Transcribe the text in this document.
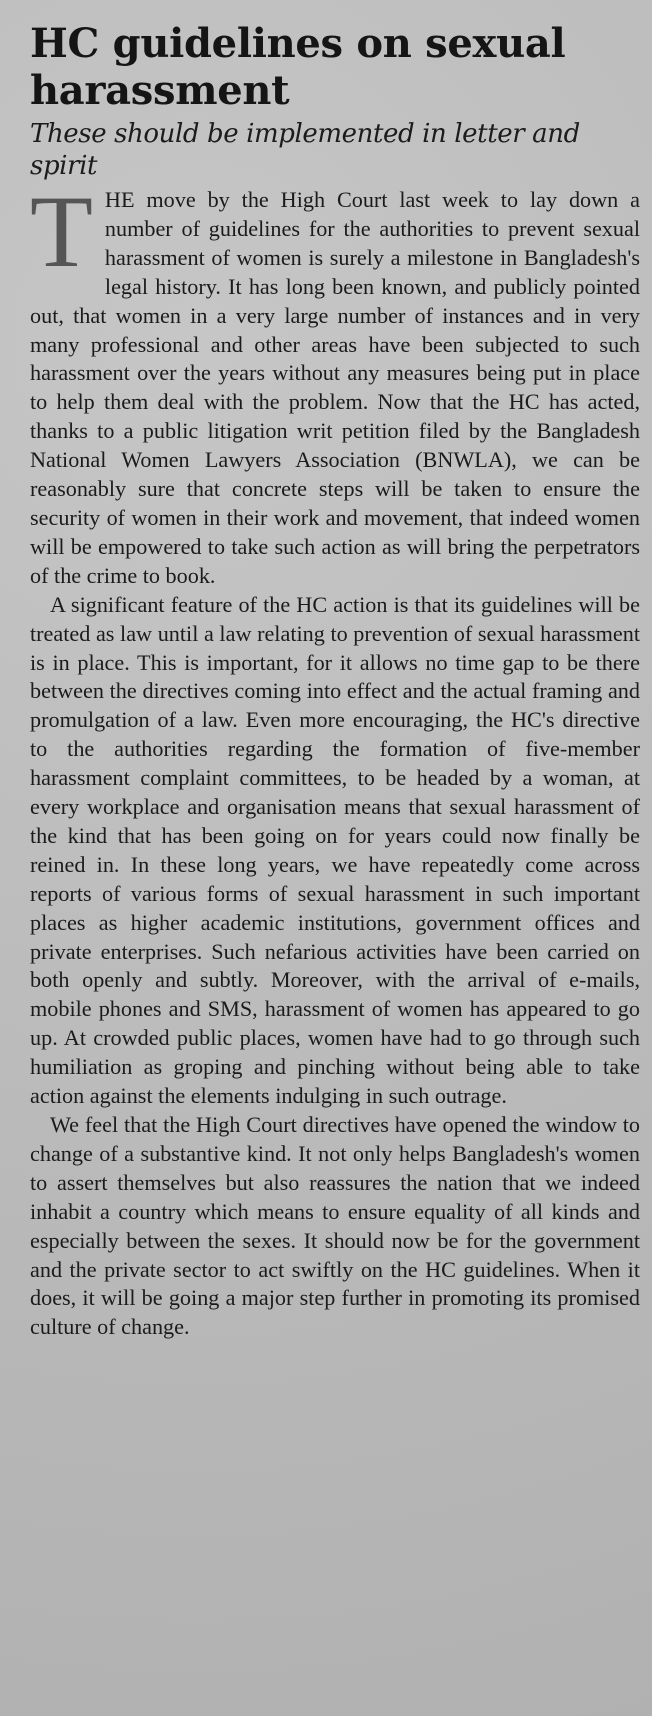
HC guidelines on sexual harassment
These should be implemented in letter and spirit

THE move by the High Court last week to lay down a number of guidelines for the authorities to prevent sexual harassment of women is surely a milestone in Bangladesh's legal history. It has long been known, and publicly pointed out, that women in a very large number of instances and in very many professional and other areas have been subjected to such harassment over the years without any measures being put in place to help them deal with the problem. Now that the HC has acted, thanks to a public litigation writ petition filed by the Bangladesh National Women Lawyers Association (BNWLA), we can be reasonably sure that concrete steps will be taken to ensure the security of women in their work and movement, that indeed women will be empowered to take such action as will bring the perpetrators of the crime to book.

A significant feature of the HC action is that its guidelines will be treated as law until a law relating to prevention of sexual harassment is in place. This is important, for it allows no time gap to be there between the directives coming into effect and the actual framing and promulgation of a law. Even more encouraging, the HC's directive to the authorities regarding the formation of five-member harassment complaint committees, to be headed by a woman, at every workplace and organisation means that sexual harassment of the kind that has been going on for years could now finally be reined in. In these long years, we have repeatedly come across reports of various forms of sexual harassment in such important places as higher academic institutions, government offices and private enterprises. Such nefarious activities have been carried on both openly and subtly. Moreover, with the arrival of e-mails, mobile phones and SMS, harassment of women has appeared to go up. At crowded public places, women have had to go through such humiliation as groping and pinching without being able to take action against the elements indulging in such outrage.

We feel that the High Court directives have opened the window to change of a substantive kind. It not only helps Bangladesh's women to assert themselves but also reassures the nation that we indeed inhabit a country which means to ensure equality of all kinds and especially between the sexes. It should now be for the government and the private sector to act swiftly on the HC guidelines. When it does, it will be going a major step further in promoting its promised culture of change.
